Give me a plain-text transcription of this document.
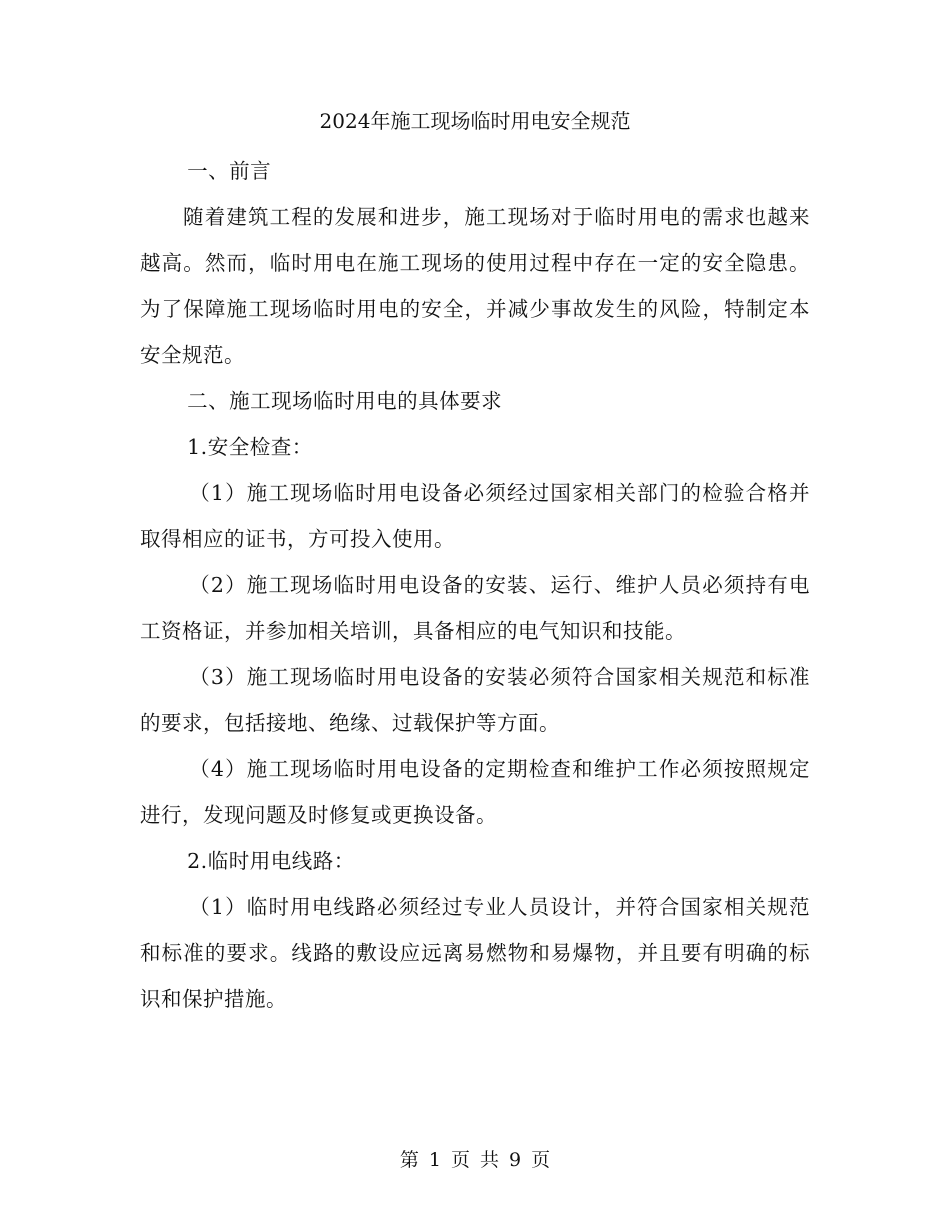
2024年施工现场临时用电安全规范

一、前言

随着建筑工程的发展和进步，施工现场对于临时用电的需求也越来越高。然而，临时用电在施工现场的使用过程中存在一定的安全隐患。为了保障施工现场临时用电的安全，并减少事故发生的风险，特制定本安全规范。

二、施工现场临时用电的具体要求

1.安全检查：

（1）施工现场临时用电设备必须经过国家相关部门的检验合格并取得相应的证书，方可投入使用。

（2）施工现场临时用电设备的安装、运行、维护人员必须持有电工资格证，并参加相关培训，具备相应的电气知识和技能。

（3）施工现场临时用电设备的安装必须符合国家相关规范和标准的要求，包括接地、绝缘、过载保护等方面。

（4）施工现场临时用电设备的定期检查和维护工作必须按照规定进行，发现问题及时修复或更换设备。

2.临时用电线路：

（1）临时用电线路必须经过专业人员设计，并符合国家相关规范和标准的要求。线路的敷设应远离易燃物和易爆物，并且要有明确的标识和保护措施。

第 1 页 共 9 页
